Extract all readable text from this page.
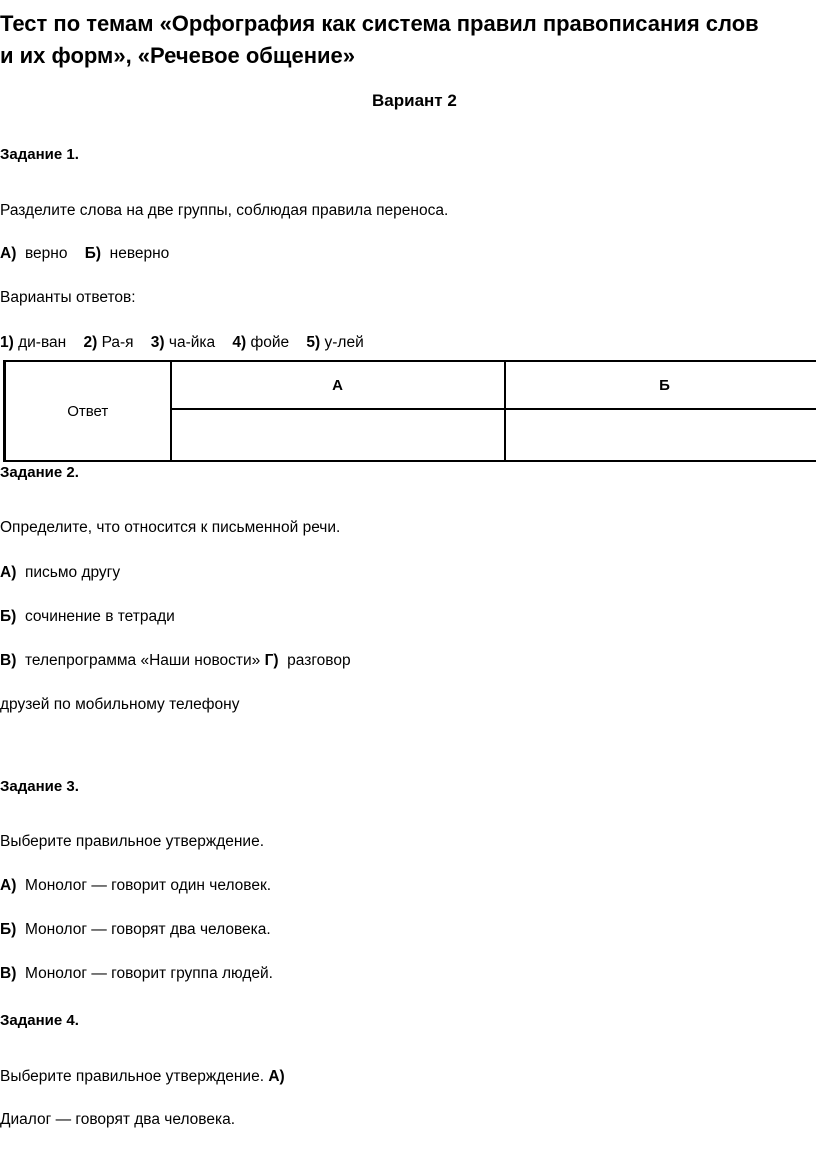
Тест по темам «Орфография как система правил правописания слов
и их форм», «Речевое общение»
Вариант 2
Задание 1.
Разделите слова на две группы, соблюдая правила переноса.
А) верно Б) неверно
Варианты ответов:
1) ди-ван 2) Ра-я 3) ча-йка 4) фойе 5) у-лей
Ответ	А	Б

Задание 2.
Определите, что относится к письменной речи.
А) письмо другу
Б) сочинение в тетради
В) телепрограмма «Наши новости» Г) разговор
друзей по мобильному телефону
Задание 3.
Выберите правильное утверждение.
А) Монолог — говорит один человек.
Б) Монолог — говорят два человека.
В) Монолог — говорит группа людей.
Задание 4.
Выберите правильное утверждение. А)
Диалог — говорят два человека.
